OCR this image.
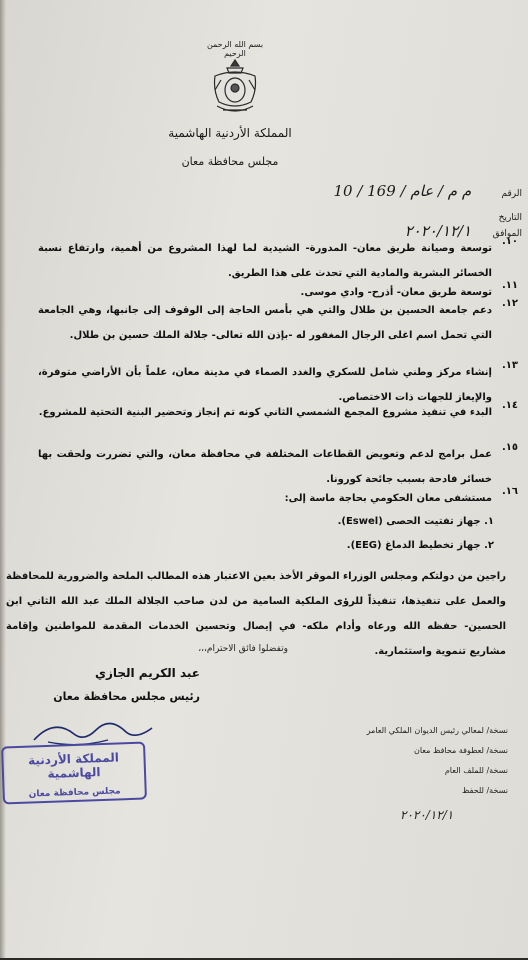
بسم الله الرحمن الرحيم
المملكة الأردنية الهاشمية
مجلس محافظة معان
الرقم م م / عام / 169 / 10
التاريخ
الموافق ٢٠٢٠/١٢/١
١٠.
توسعة وصيانة طريق معان- المدورة- الشيدية لما لهذا المشروع من أهمية، وارتفاع نسبة الخسائر البشرية والمادية التي تحدث على هذا الطريق.
١١.
توسعة طريق معان- أذرح- وادي موسى.
١٢.
دعم جامعة الحسين بن طلال والتي هي بأمس الحاجة إلى الوقوف إلى جانبها، وهي الجامعة التي تحمل اسم اغلى الرجال المغفور له -بإذن الله تعالى- جلالة الملك حسين بن طلال.
١٣.
إنشاء مركز وطني شامل للسكري والغدد الصماء في مدينة معان، علماً بأن الأراضي متوفرة، والإيعاز للجهات ذات الاختصاص.
١٤.
البدء في تنفيذ مشروع المجمع الشمسي الثاني كونه تم إنجاز وتحضير البنية التحتية للمشروع.
١٥.
عمل برامج لدعم وتعويض القطاعات المختلفة في محافظة معان، والتي تضررت ولحقت بها خسائر فادحة بسبب جائحة كورونا.
١٦.
مستشفى معان الحكومي بحاجة ماسة إلى:
١. جهاز تفتيت الحصى (Eswel).
٢. جهاز تخطيط الدماغ (EEG).
راجين من دولتكم ومجلس الوزراء الموقر الأخذ بعين الاعتبار هذه المطالب الملحة والضرورية للمحافظة والعمل على تنفيذها، تنفيذاً للرؤى الملكية السامية من لدن صاحب الجلالة الملك عبد الله الثاني ابن الحسين- حفظه الله ورعاه وأدام ملكه- في إيصال وتحسين الخدمات المقدمة للمواطنين وإقامة مشاريع تنموية واستثمارية.
وتفضلوا فائق الاحترام،،،
عبد الكريم الجازي
رئيس مجلس محافظة معان
المملكة الأردنية الهاشمية
مجلس محافظة معان
نسخة/ لمعالي رئيس الديوان الملكي العامر
نسخة/ لعطوفة محافظ معان
نسخة/ للملف العام
نسخة/ للحفظ
٢٠٢٠/١٢/١
